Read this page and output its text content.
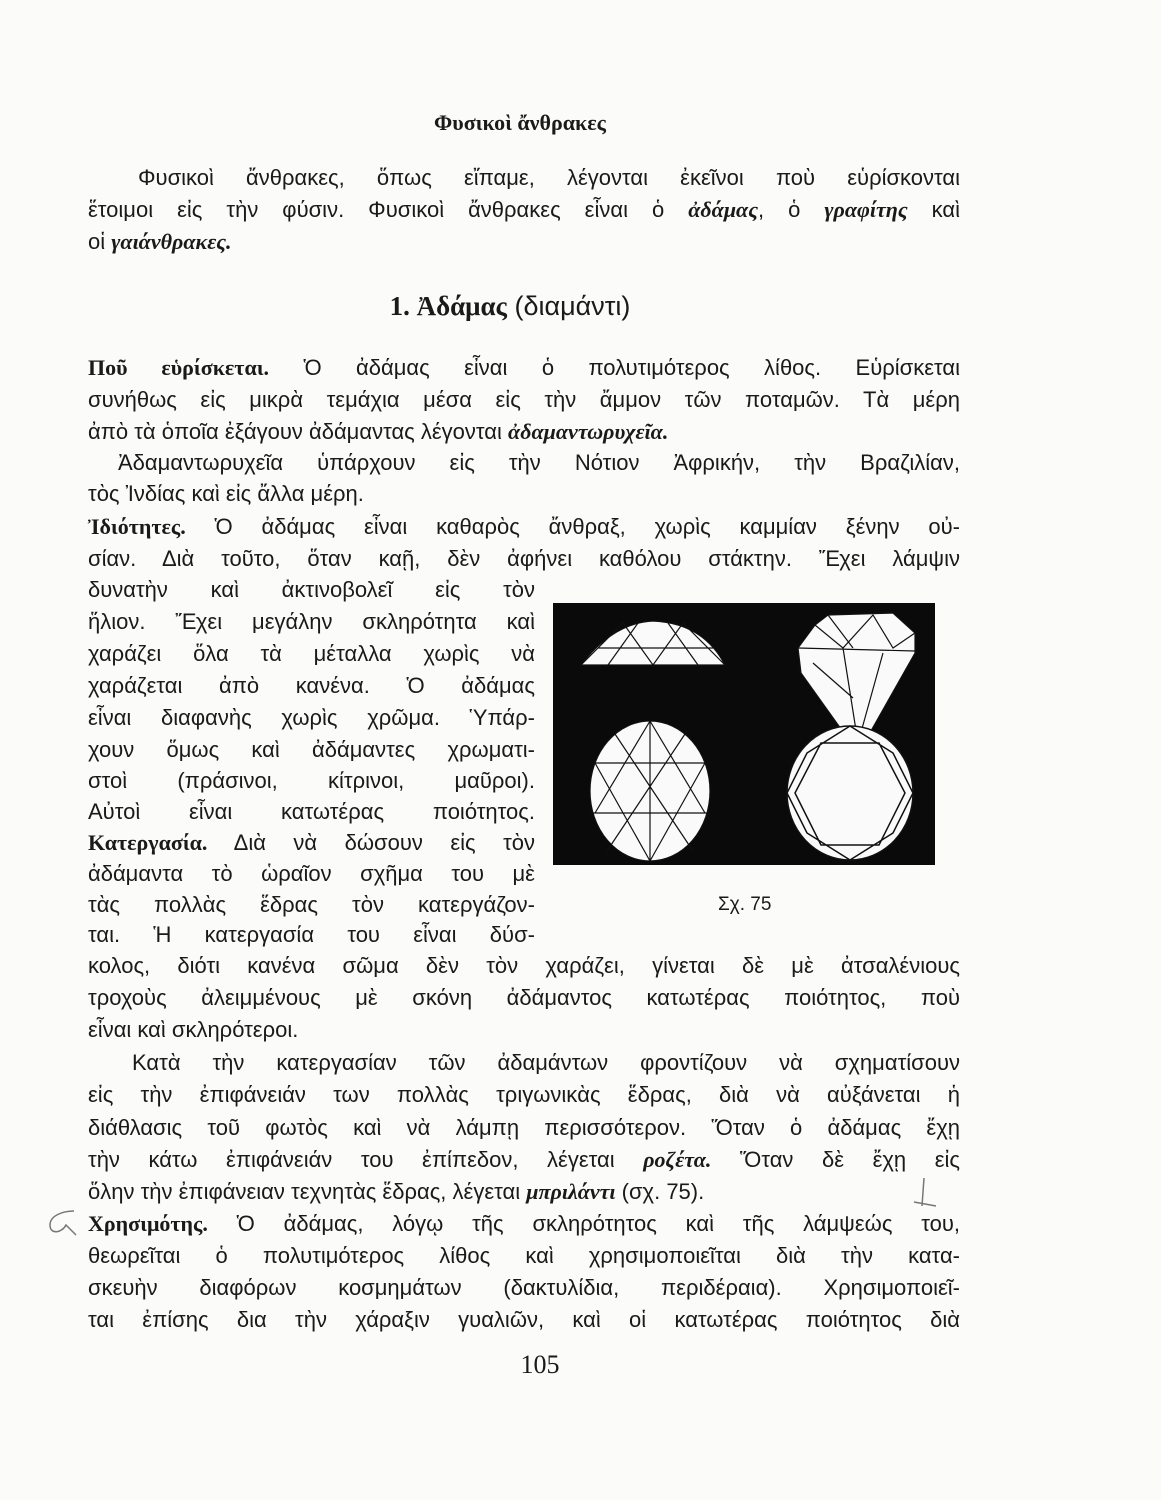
Φυσικοὶ ἄνθρακες
1. Ἀδάμας (διαμάντι)
Φυσικοὶ ἄνθρακες, ὅπως εἴπαμε, λέγονται ἐκεῖνοι ποὺ εὑρίσκονται
ἕτοιμοι εἰς τὴν φύσιν. Φυσικοὶ ἄνθρακες εἶναι ὁ ἀδάμας, ὁ γραφίτης καὶ
οἱ γαιάνθρακες.
Ποῦ εὑρίσκεται. Ὁ ἀδάμας εἶναι ὁ πολυτιμότερος λίθος. Εὑρίσκεται
συνήθως εἰς μικρὰ τεμάχια μέσα εἰς τὴν ἄμμον τῶν ποταμῶν. Τὰ μέρη
ἀπὸ τὰ ὁποῖα ἐξάγουν ἀδάμαντας λέγονται ἀδαμαντωρυχεῖα.
Ἀδαμαντωρυχεῖα ὑπάρχουν εἰς τὴν Νότιον Ἀφρικήν, τὴν Βραζιλίαν,
τὸς Ἰνδίας καὶ εἰς ἄλλα μέρη.
Ἰδιότητες. Ὁ ἀδάμας εἶναι καθαρὸς ἄνθραξ, χωρὶς καμμίαν ξένην οὐ-
σίαν. Διὰ τοῦτο, ὅταν καῇ, δὲν ἀφήνει καθόλου στάκτην. Ἔχει λάμψιν
δυνατὴν καὶ ἀκτινοβολεῖ εἰς τὸν
ἥλιον. Ἔχει μεγάλην σκληρότητα καὶ
χαράζει ὅλα τὰ μέταλλα χωρὶς νὰ
χαράζεται ἀπὸ κανένα. Ὁ ἀδάμας
εἶναι διαφανὴς χωρὶς χρῶμα. Ὑπάρ-
χουν ὅμως καὶ ἀδάμαντες χρωματι-
στοὶ (πράσινοι, κίτρινοι, μαῦροι).
Αὐτοὶ εἶναι κατωτέρας ποιότητος.
Κατεργασία. Διὰ νὰ δώσουν εἰς τὸν
ἀδάμαντα τὸ ὡραῖον σχῆμα του μὲ
τὰς πολλὰς ἕδρας τὸν κατεργάζον-
ται. Ἡ κατεργασία του εἶναι δύσ-
κολος, διότι κανένα σῶμα δὲν τὸν χαράζει, γίνεται δὲ μὲ ἀτσαλένιους
τροχοὺς ἀλειμμένους μὲ σκόνη ἀδάμαντος κατωτέρας ποιότητος, ποὺ
εἶναι καὶ σκληρότεροι.
Κατὰ τὴν κατεργασίαν τῶν ἀδαμάντων φροντίζουν νὰ σχηματίσουν
εἰς τὴν ἐπιφάνειάν των πολλὰς τριγωνικὰς ἕδρας, διὰ νὰ αὐξάνεται ἡ
διάθλασις τοῦ φωτὸς καὶ νὰ λάμπῃ περισσότερον. Ὅταν ὁ ἀδάμας ἔχῃ
τὴν κάτω ἐπιφάνειάν του ἐπίπεδον, λέγεται ροζέτα. Ὅταν δὲ ἔχῃ εἰς
ὅλην τὴν ἐπιφάνειαν τεχνητὰς ἕδρας, λέγεται μπριλάντι (σχ. 75).
Χρησιμότης. Ὁ ἀδάμας, λόγῳ τῆς σκληρότητος καὶ τῆς λάμψεώς του,
θεωρεῖται ὁ πολυτιμότερος λίθος καὶ χρησιμοποιεῖται διὰ τὴν κατα-
σκευὴν διαφόρων κοσμημάτων (δακτυλίδια, περιδέραια). Χρησιμοποιεῖ-
ται ἐπίσης δια τὴν χάραξιν γυαλιῶν, καὶ οἱ κατωτέρας ποιότητος διὰ
Σχ. 75
105
